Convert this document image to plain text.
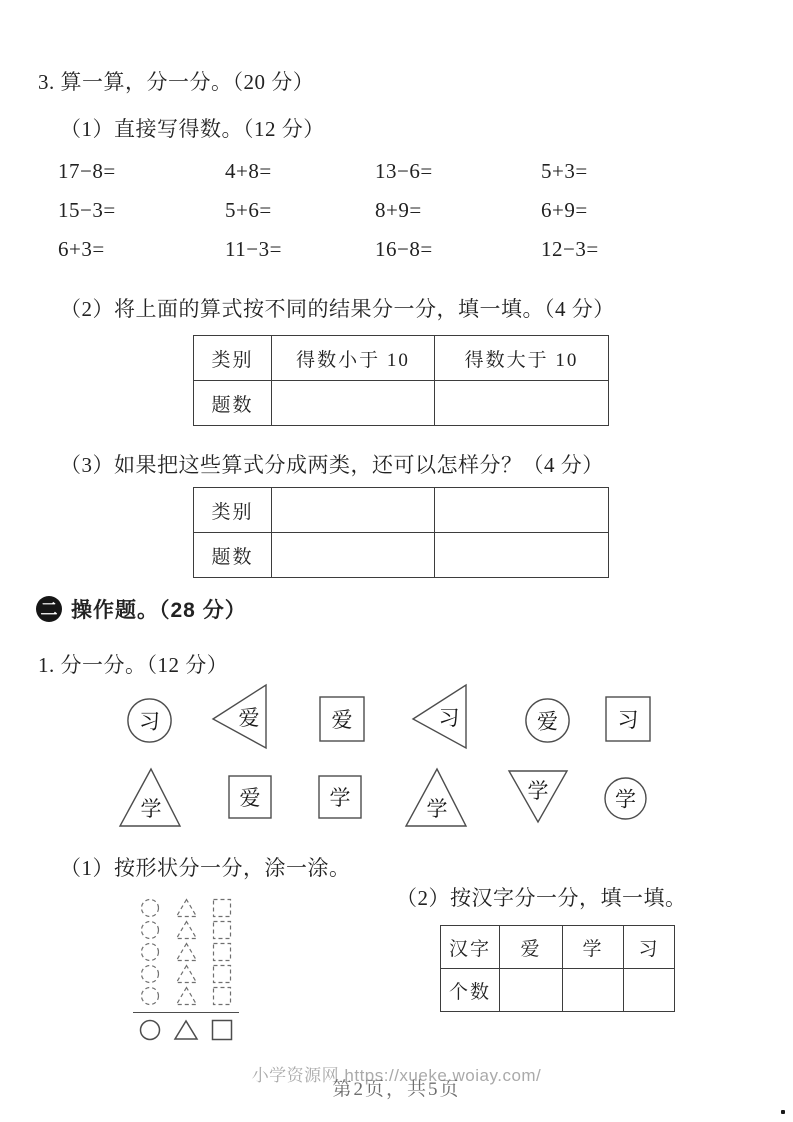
3. 算一算，分一分。（20 分）
（1）直接写得数。（12 分）
17−8=	4+8=	13−6=	5+3=
15−3=	5+6=	8+9=	6+9=
6+3=	11−3=	16−8=	12−3=
（2）将上面的算式按不同的结果分一分，填一填。（4 分）
类别	得数小于 10	得数大于 10
题数		
（3）如果把这些算式分成两类，还可以怎样分？（4 分）
类别		
题数		
二 操作题。（28 分）
1. 分一分。（12 分）
习	爱	爱	习	爱	习
学	爱	学	学
学	学
（1）按形状分一分，涂一涂。
（2）按汉字分一分，填一填。
汉字	爱	学	习
个数			
小学资源网 https://xueke.woiay.com/
第2页，共5页
